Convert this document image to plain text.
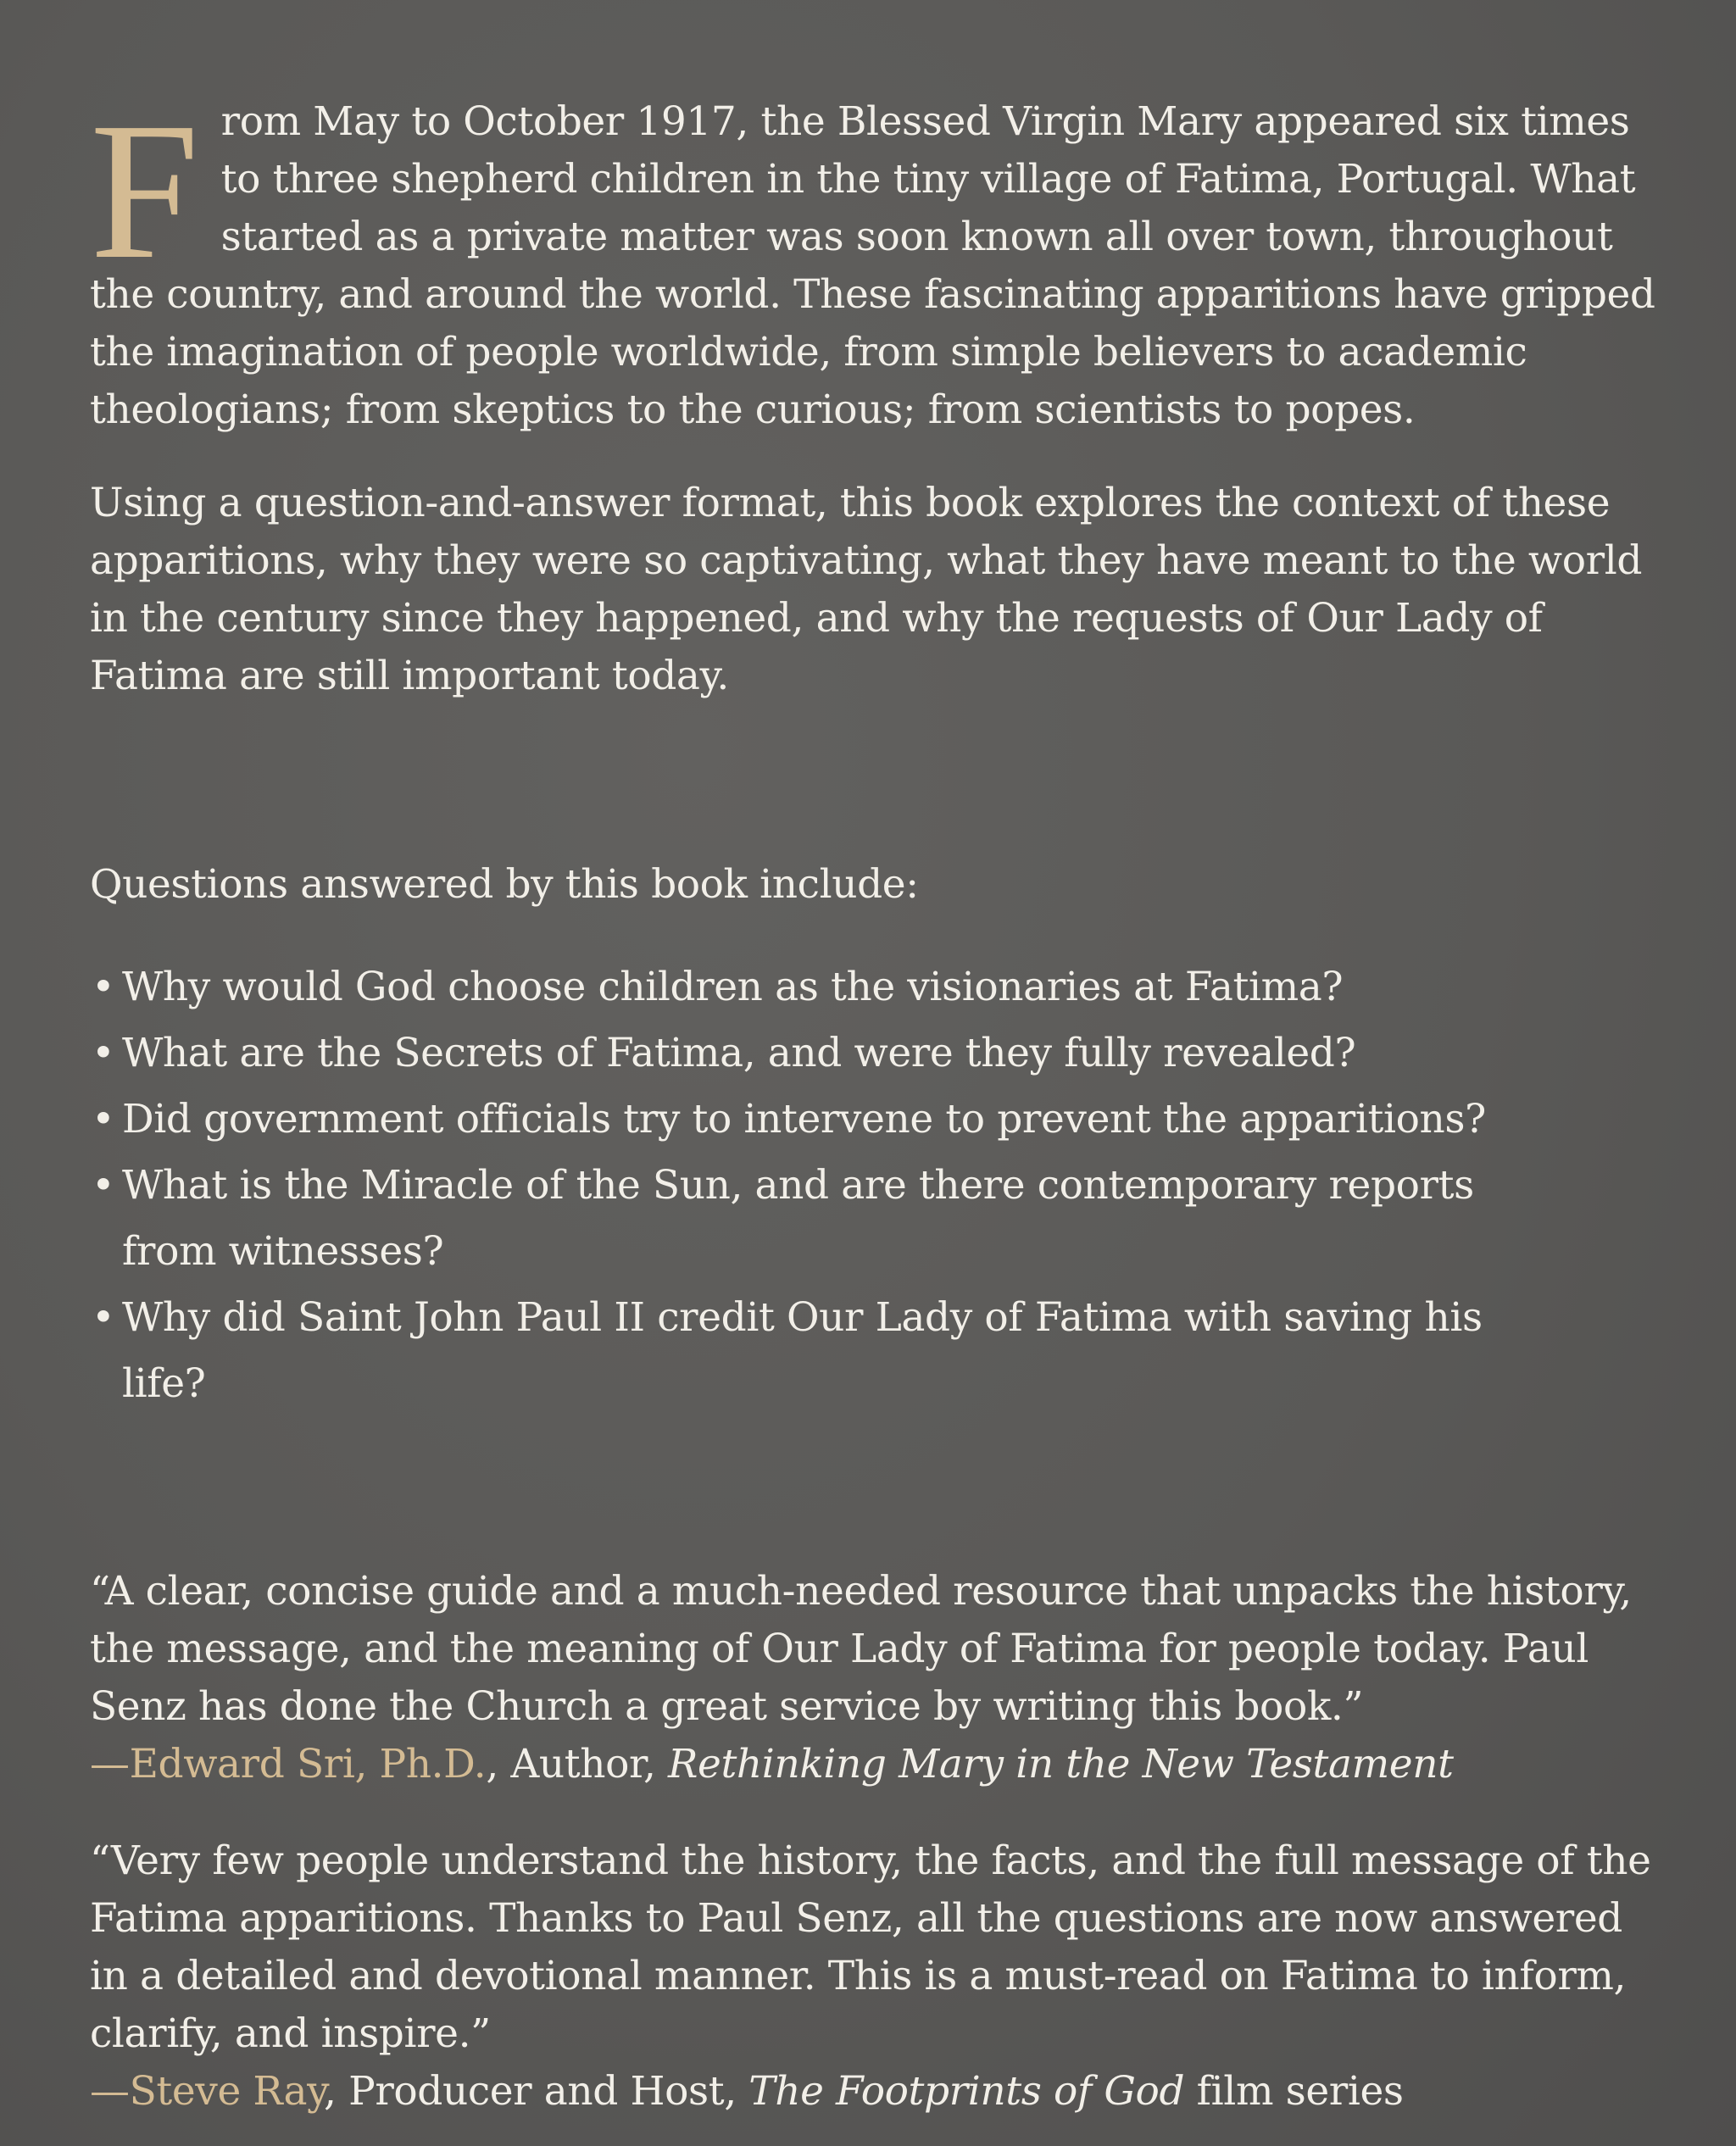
From May to October 1917, the Blessed Virgin Mary appeared six times to three shepherd children in the tiny village of Fatima, Portugal. What started as a private matter was soon known all over town, throughout the country, and around the world. These fascinating apparitions have gripped the imagination of people worldwide, from simple believers to academic theologians; from skeptics to the curious; from scientists to popes.

Using a question-and-answer format, this book explores the context of these apparitions, why they were so captivating, what they have meant to the world in the century since they happened, and why the requests of Our Lady of Fatima are still important today.

Questions answered by this book include:

• Why would God choose children as the visionaries at Fatima?
• What are the Secrets of Fatima, and were they fully revealed?
• Did government officials try to intervene to prevent the apparitions?
• What is the Miracle of the Sun, and are there contemporary reports from witnesses?
• Why did Saint John Paul II credit Our Lady of Fatima with saving his life?

“A clear, concise guide and a much-needed resource that unpacks the history, the message, and the meaning of Our Lady of Fatima for people today. Paul Senz has done the Church a great service by writing this book.”

—Edward Sri, Ph.D., Author, Rethinking Mary in the New Testament

“Very few people understand the history, the facts, and the full message of the Fatima apparitions. Thanks to Paul Senz, all the questions are now answered in a detailed and devotional manner. This is a must-read on Fatima to inform, clarify, and inspire.”

—Steve Ray, Producer and Host, The Footprints of God film series
